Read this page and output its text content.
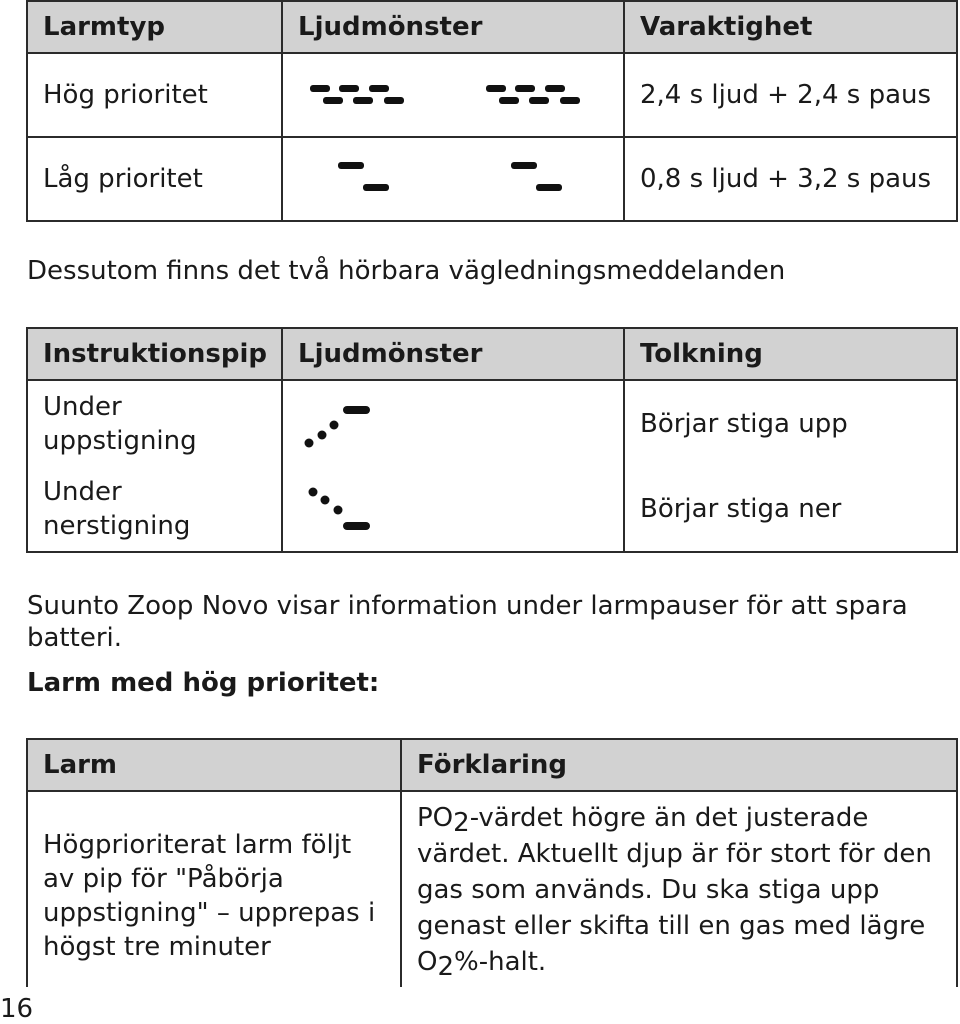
Larmtyp	Ljudmönster	Varaktighet
Hög prioritet		2,4 s ljud + 2,4 s paus
Låg prioritet		0,8 s ljud + 3,2 s paus

Dessutom finns det två hörbara vägledningsmeddelanden

Instruktionspip	Ljudmönster	Tolkning
Under uppstigning		Börjar stiga upp
Under nerstigning		Börjar stiga ner

Suunto Zoop Novo visar information under larmpauser för att spara batteri.

Larm med hög prioritet:

Larm	Förklaring
Högprioriterat larm följt av pip för "Påbörja uppstigning" – upprepas i högst tre minuter	PO2-värdet högre än det justerade värdet. Aktuellt djup är för stort för den gas som används. Du ska stiga upp genast eller skifta till en gas med lägre O2%-halt.
16
